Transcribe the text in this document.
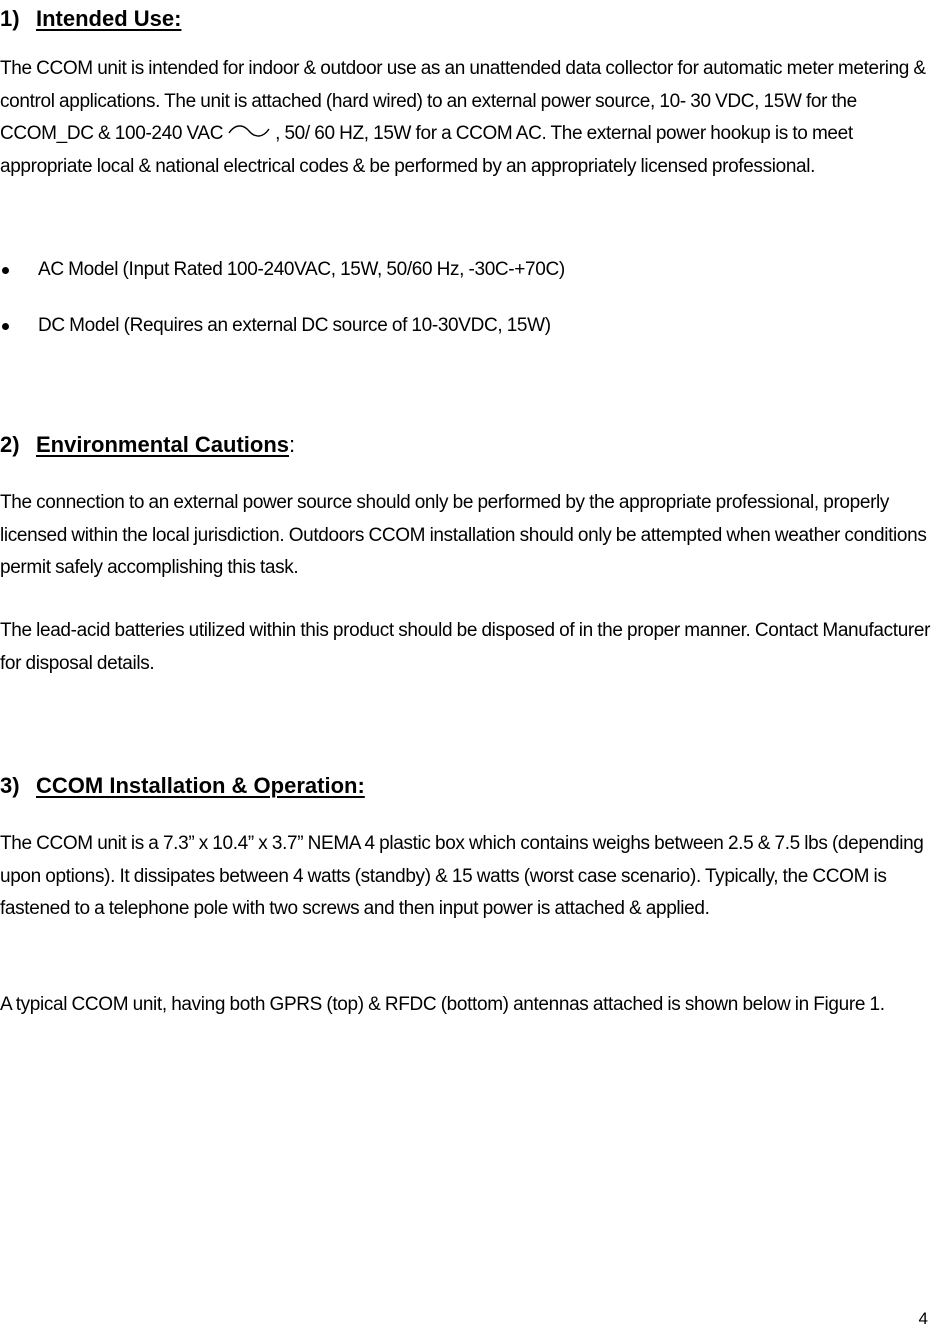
1) Intended Use:
The CCOM unit is intended for indoor & outdoor use as an unattended data collector for automatic meter metering & control applications. The unit is attached (hard wired) to an external power source, 10- 30 VDC, 15W for the CCOM_DC & 100-240 VAC	, 50/ 60 HZ, 15W for a CCOM AC. The external power hookup is to meet appropriate local & national electrical codes & be performed by an appropriately licensed professional.
AC Model (Input Rated 100-240VAC, 15W, 50/60 Hz, -30C-+70C)
DC Model (Requires an external DC source of 10-30VDC, 15W)
2) Environmental Cautions:
The connection to an external power source should only be performed by the appropriate professional, properly licensed within the local jurisdiction. Outdoors CCOM installation should only be attempted when weather conditions permit safely accomplishing this task.
The lead-acid batteries utilized within this product should be disposed of in the proper manner. Contact Manufacturer for disposal details.
3) CCOM Installation & Operation:
The CCOM unit is a 7.3” x 10.4” x 3.7” NEMA 4 plastic box which contains weighs between 2.5 & 7.5 lbs (depending upon options). It dissipates between 4 watts (standby) & 15 watts (worst case scenario). Typically, the CCOM is fastened to a telephone pole with two screws and then input power is attached & applied.
A typical CCOM unit, having both GPRS (top) & RFDC (bottom) antennas attached is shown below in Figure 1.
4
